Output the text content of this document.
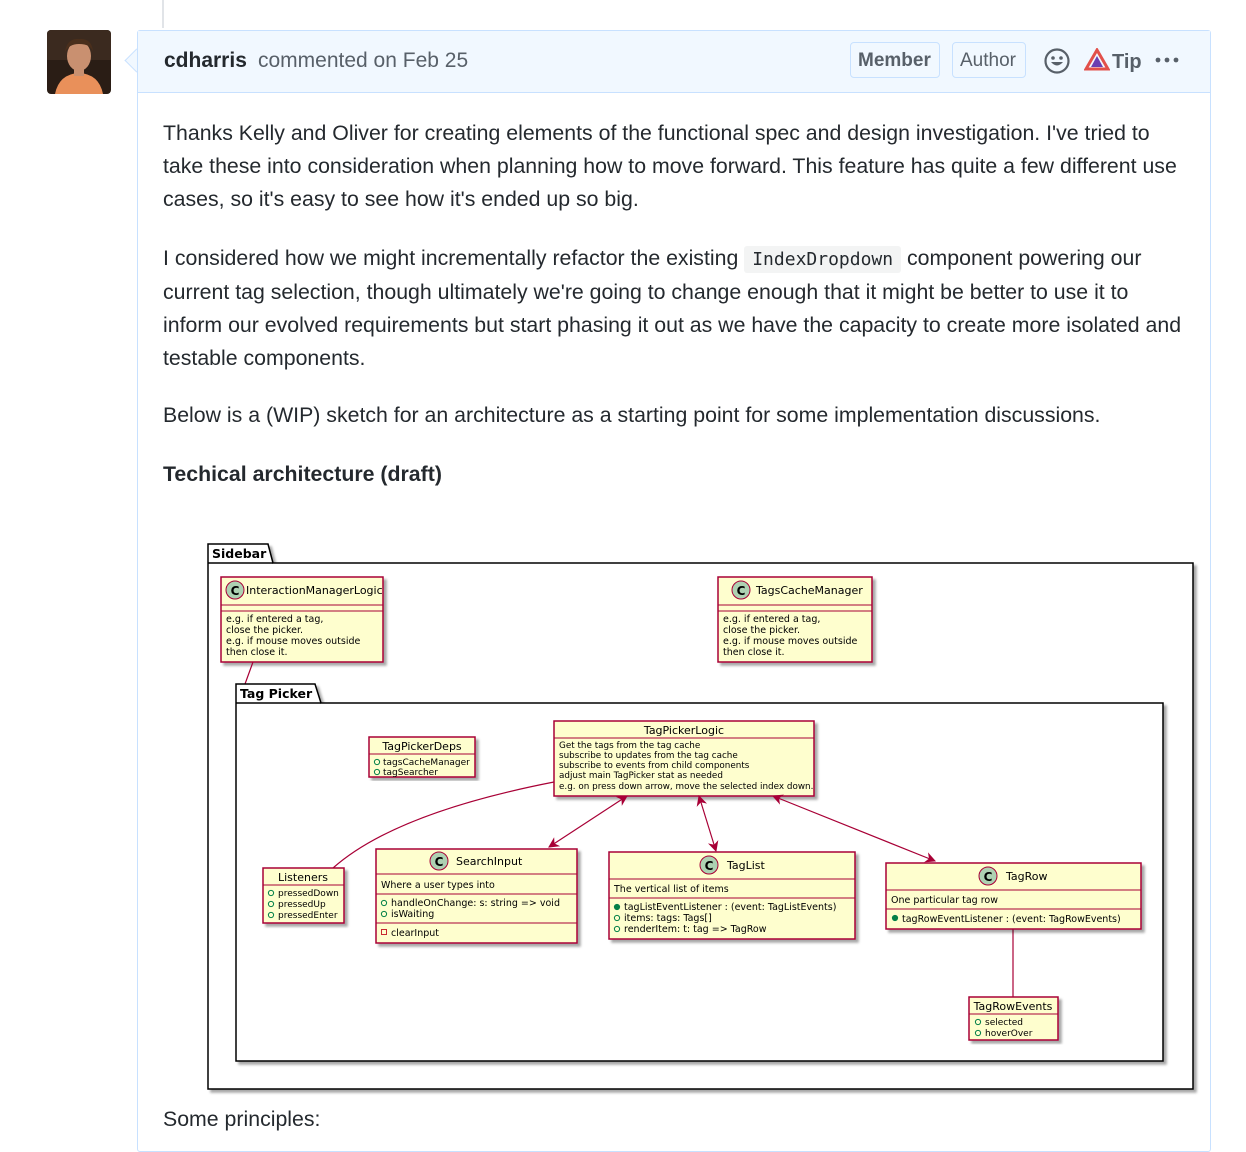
cdharris commented on Feb 25	Member	Author	Tip

Thanks Kelly and Oliver for creating elements of the functional spec and design investigation. I've tried to take these into consideration when planning how to move forward. This feature has quite a few different use cases, so it's easy to see how it's ended up so big.

I considered how we might incrementally refactor the existing IndexDropdown component powering our current tag selection, though ultimately we're going to change enough that it might be better to use it to inform our evolved requirements but start phasing it out as we have the capacity to create more isolated and testable components.

Below is a (WIP) sketch for an architecture as a starting point for some implementation discussions.

Techical architecture (draft)
Sidebar
C InteractionManagerLogic
e.g. if entered a tag,
close the picker.
e.g. if mouse moves outside
then close it.
C TagsCacheManager
e.g. if entered a tag,
close the picker.
e.g. if mouse moves outside
then close it.
Tag Picker
TagPickerDeps
tagsCacheManager
tagSearcher
TagPickerLogic
Get the tags from the tag cache
subscribe to updates from the tag cache
subscribe to events from child components
adjust main TagPicker stat as needed
e.g. on press down arrow, move the selected index down.
Listeners
pressedDown
pressedUp
pressedEnter
C SearchInput
Where a user types into
handleOnChange: s: string => void
isWaiting
clearInput
C TagList
The vertical list of items
tagListEventListener : (event: TagListEvents)
items: tags: Tags[]
renderItem: t: tag => TagRow
C TagRow
One particular tag row
tagRowEventListener : (event: TagRowEvents)
TagRowEvents
selected
hoverOver

Some principles:
